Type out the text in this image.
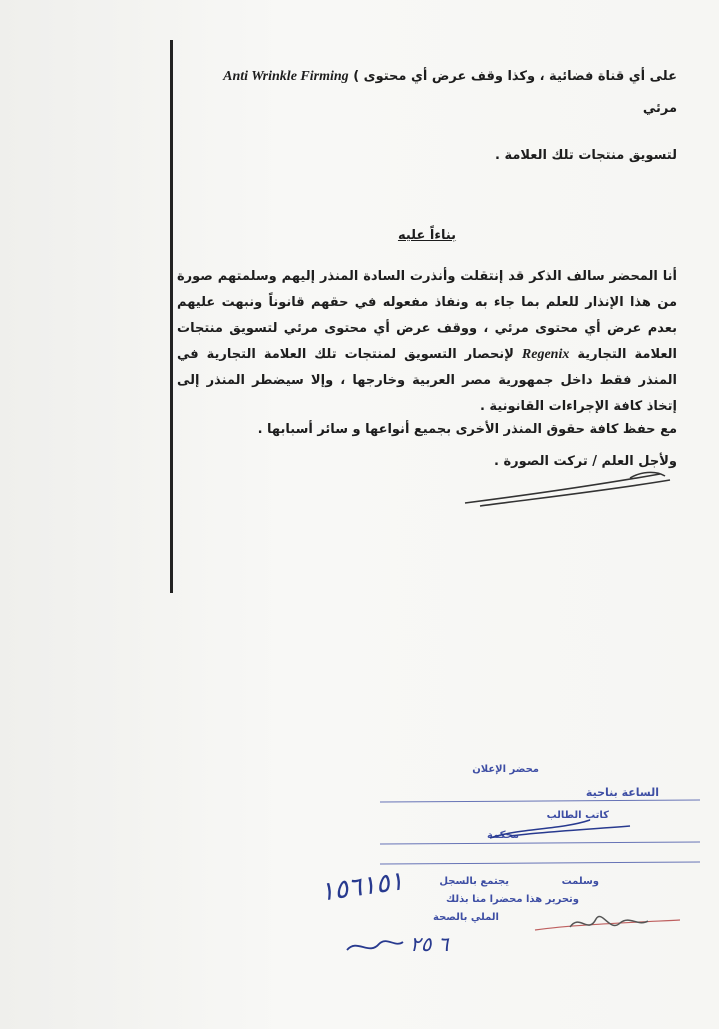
على أي قناة فضائية ، وكذا وقف عرض أي محتوى ) Anti Wrinkle Firming
مرئي
لتسويق منتجات تلك العلامة .
بناءاً عليه
أنا المحضر سالف الذكر قد إنتقلت وأنذرت السادة المنذر إليهم وسلمتهم صورة من هذا الإنذار للعلم بما جاء به ونفاذ مفعوله في حقهم قانوناً ونبهت عليهم بعدم عرض أي محتوى مرئي ، ووقف عرض أي محتوى مرئي لتسويق منتجات العلامة التجارية Regenix لإنحصار التسويق لمنتجات تلك العلامة التجارية في المنذر فقط داخل جمهورية مصر العربية وخارجها ، وإلا سيضطر المنذر إلى إتخاذ كافة الإجراءات القانونية .
مع حفظ كافة حقوق المنذر الأخرى بجميع أنواعها و سائر أسبابها .
ولأجل العلم / تركت الصورة .
محضر الإعلان
الساعة بناحية
كاتب الطالب
محكمة
وسلمت
يجتمع بالسجل
وتحرير هذا محضرا منا بذلك
الملي بالصحة
١٥٦١٥١
٦ ٢٥
